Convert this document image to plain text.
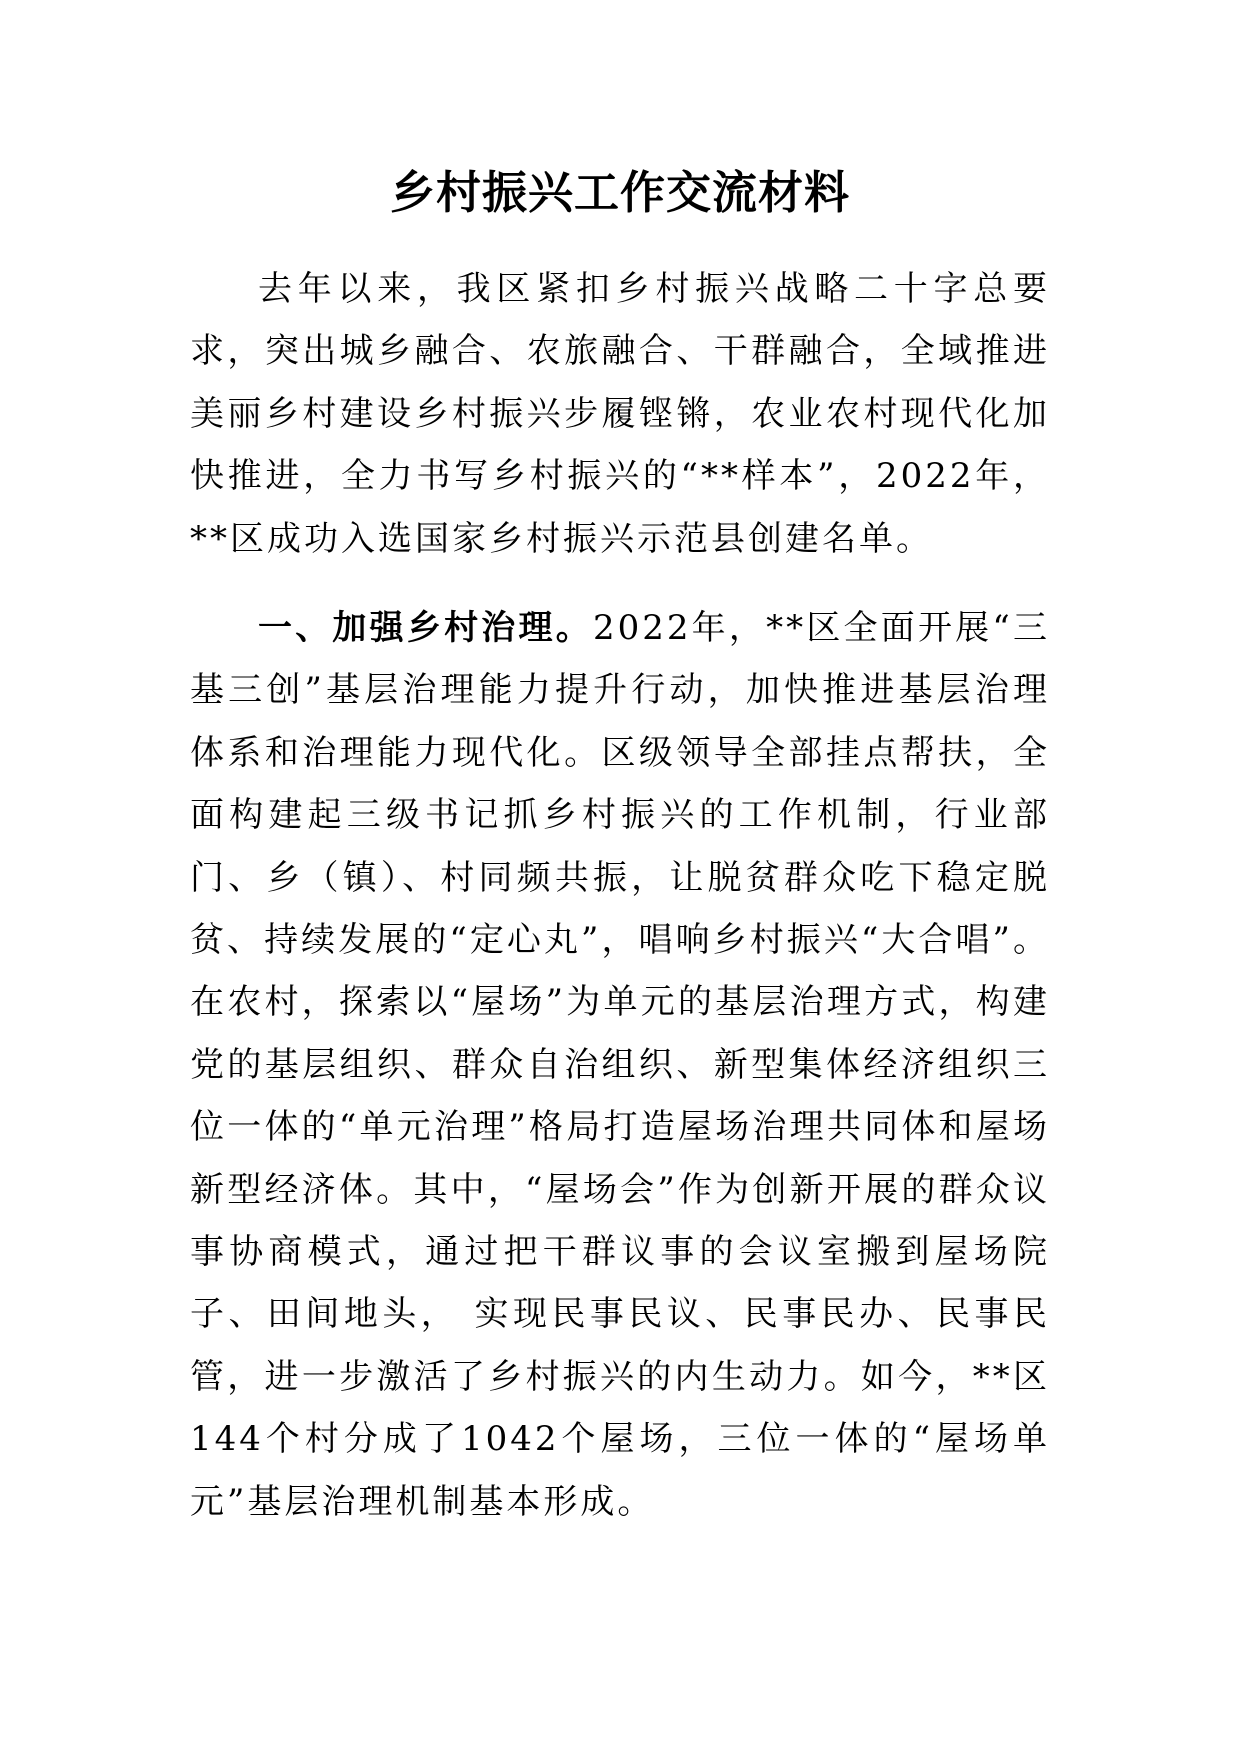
乡村振兴工作交流材料

去年以来，我区紧扣乡村振兴战略二十字总要求，突出城乡融合、农旅融合、干群融合，全域推进美丽乡村建设乡村振兴步履铿锵，农业农村现代化加快推进，全力书写乡村振兴的“**样本”，2022年，**区成功入选国家乡村振兴示范县创建名单。

一、加强乡村治理。2022年，**区全面开展“三基三创”基层治理能力提升行动，加快推进基层治理体系和治理能力现代化。区级领导全部挂点帮扶，全面构建起三级书记抓乡村振兴的工作机制，行业部门、乡（镇）、村同频共振，让脱贫群众吃下稳定脱贫、持续发展的“定心丸”，唱响乡村振兴“大合唱”。在农村，探索以“屋场”为单元的基层治理方式，构建党的基层组织、群众自治组织、新型集体经济组织三位一体的“单元治理”格局打造屋场治理共同体和屋场新型经济体。其中，“屋场会”作为创新开展的群众议事协商模式，通过把干群议事的会议室搬到屋场院子、田间地头， 实现民事民议、民事民办、民事民管，进一步激活了乡村振兴的内生动力。如今，**区144个村分成了1042个屋场，三位一体的“屋场单元”基层治理机制基本形成。
